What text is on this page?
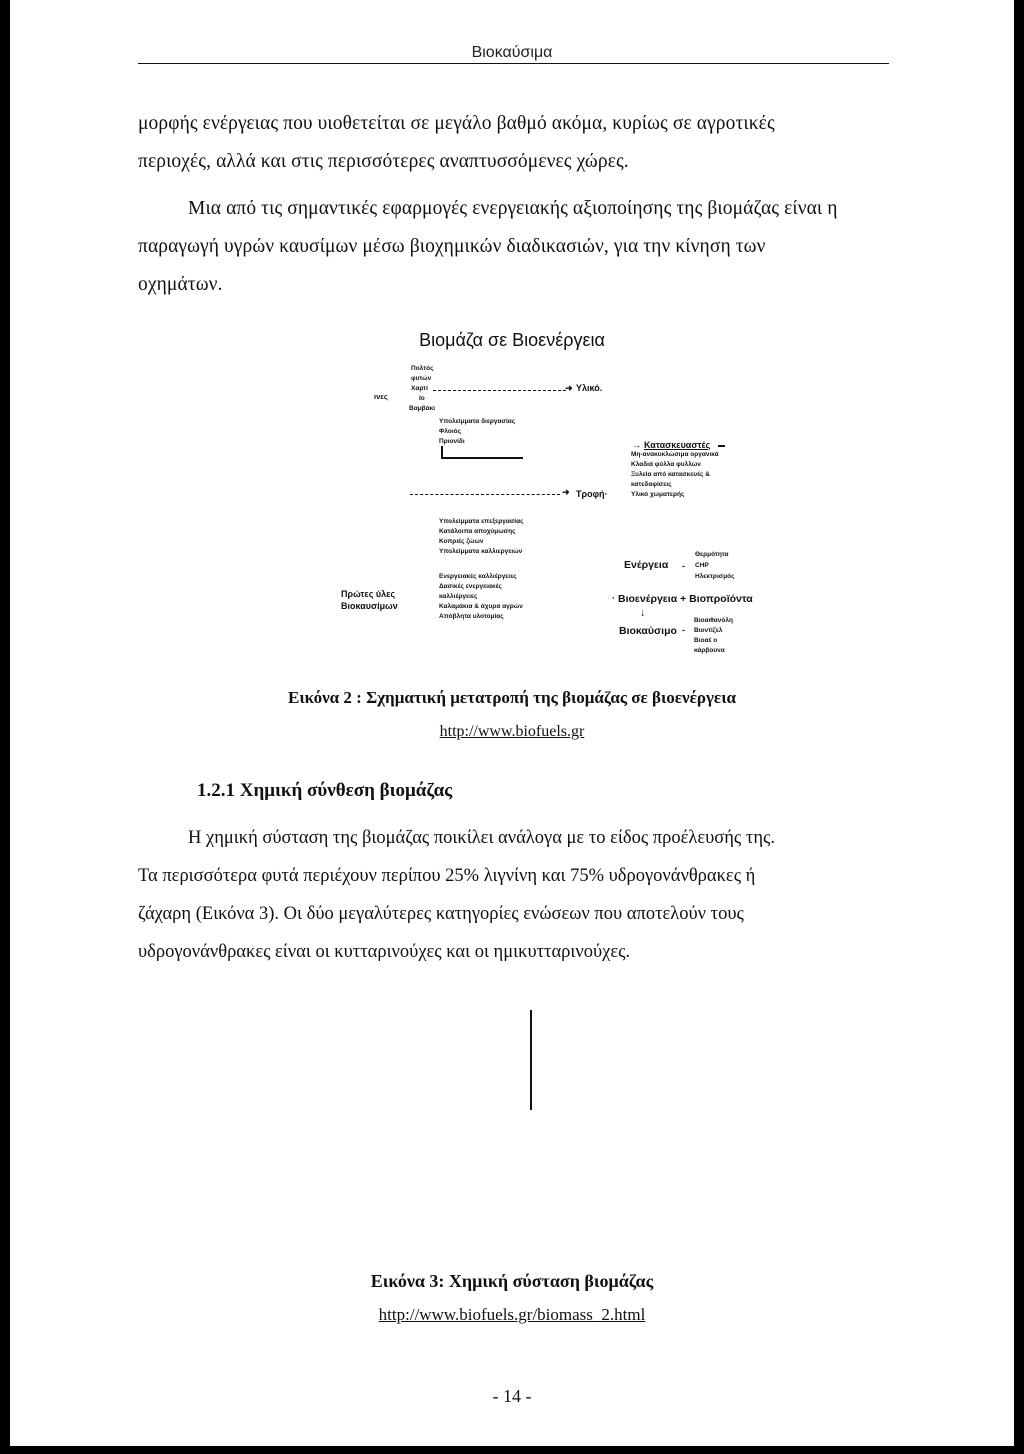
Βιοκαύσιμα
μορφής ενέργειας που υιοθετείται σε μεγάλο βαθμό ακόμα, κυρίως σε αγροτικές
περιοχές, αλλά και στις περισσότερες αναπτυσσόμενες χώρες.
Μια από τις σημαντικές εφαρμογές ενεργειακής αξιοποίησης της βιομάζας είναι η
παραγωγή υγρών καυσίμων μέσω βιοχημικών διαδικασιών, για την κίνηση των
οχημάτων.
Βιομάζα σε Βιοενέργεια
ινες
Πολτός
φυτών
Χαρτί
Ιο
Βαμβάκι
➜ Υλικό.
Υπολείμματα διεργασίας
Φλοιός
Πριονίδι	→ Κατασκευαστές
Μη-ανακυκλώσιμα οργανικά
Κλαδιά φύλλα φυλλων
Ξυλεία από κατασκευές &
κατεδαφίσεις
Υλικό χωματερής
➜ Τροφή·
Υπολείμματα επεξεργασίας
Κατάλοιπα αποχύμωσης
Κοπριές ζώων
Υπολείμματα καλλιεργειών
Ενεργειακές καλλιέργειες
Δασικές ενεργειακές
καλλιέργειες
Καλαμάκια & άχυρα αγρών
Απόβλητα υλοτομίας
Πρώτες ύλες
Βιοκαυσίμων
Ενέργεια -
Θερμότητα
CHP
Ηλεκτρισμός
· Βιοενέργεια + Βιοπροϊόντα
↓
Βιοκαύσιμο -
Βιοαιθανόλη
Βιοντίζελ
Βιοαέ ο
κάρβουνα
Εικόνα 2 : Σχηματική μετατροπή της βιομάζας σε βιοενέργεια
http://www.biofuels.gr
1.2.1 Χημική σύνθεση βιομάζας
Η χημική σύσταση της βιομάζας ποικίλει ανάλογα με το είδος προέλευσής της.
Τα περισσότερα φυτά περιέχουν περίπου 25% λιγνίνη και 75% υδρογονάνθρακες ή
ζάχαρη (Εικόνα 3). Οι δύο μεγαλύτερες κατηγορίες ενώσεων που αποτελούν τους
υδρογονάνθρακες είναι οι κυτταρινούχες και οι ημικυτταρινούχες.
Εικόνα 3: Χημική σύσταση βιομάζας
http://www.biofuels.gr/biomass_2.html
- 14 -
